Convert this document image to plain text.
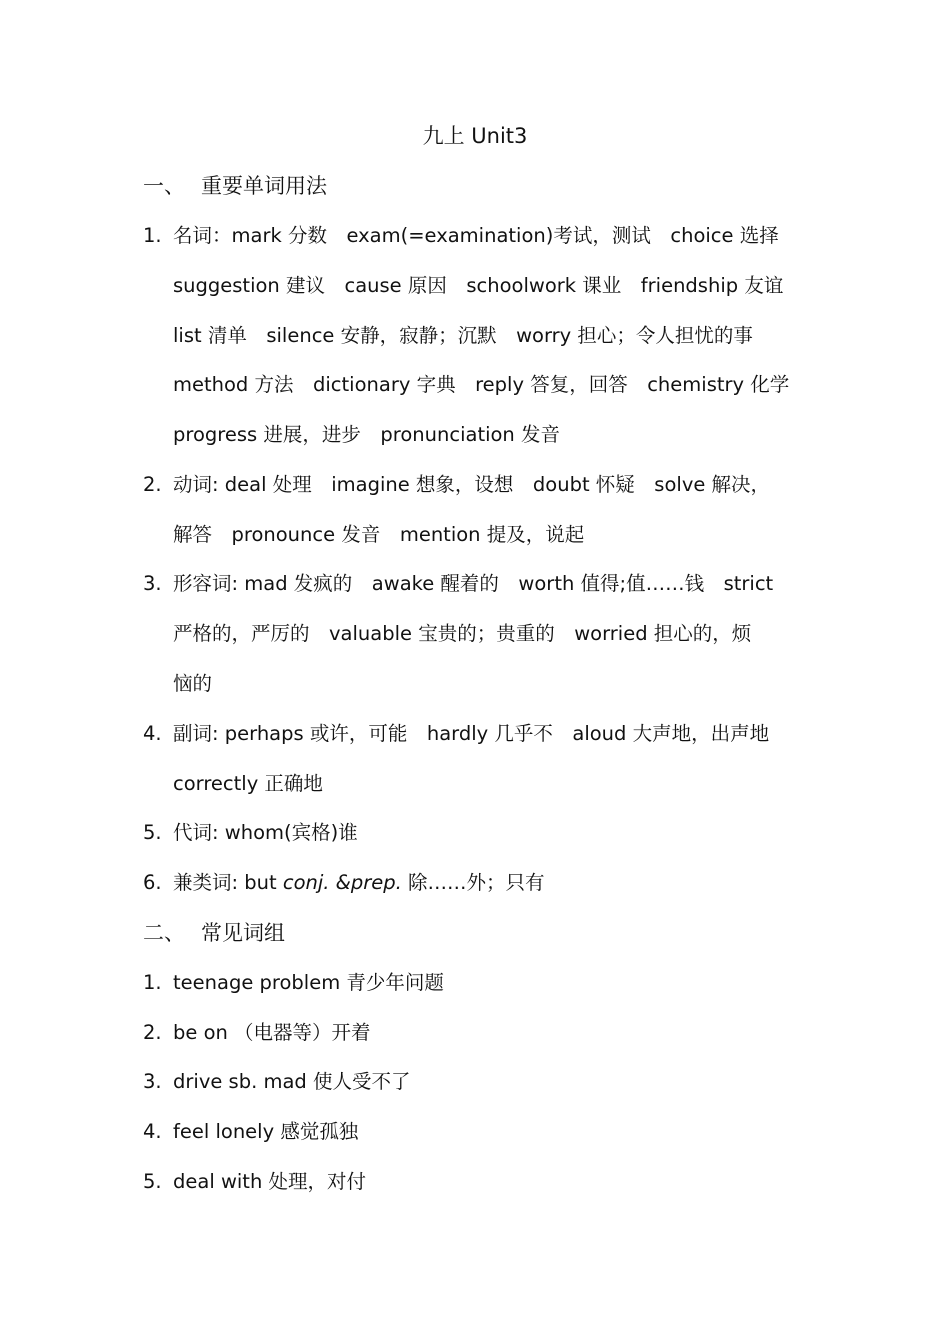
九上 Unit3
一、 重要单词用法
1. 名词：mark 分数　exam(=examination)考试，测试　choice 选择
suggestion 建议　cause 原因　schoolwork 课业　friendship 友谊
list 清单　silence 安静，寂静；沉默　worry 担心；令人担忧的事
method 方法　dictionary 字典　reply 答复，回答　chemistry 化学
progress 进展，进步　pronunciation 发音
2. 动词: deal 处理　imagine 想象，设想　doubt 怀疑　solve 解决，
解答　pronounce 发音　mention 提及，说起
3. 形容词: mad 发疯的　awake 醒着的　worth 值得;值……钱　strict
严格的，严厉的　valuable 宝贵的；贵重的　worried 担心的，烦
恼的
4. 副词: perhaps 或许，可能　hardly 几乎不　aloud 大声地，出声地
correctly 正确地
5. 代词: whom(宾格)谁
6. 兼类词: but conj. &prep. 除……外；只有
二、 常见词组
1. teenage problem 青少年问题
2. be on （电器等）开着
3. drive sb. mad 使人受不了
4. feel lonely 感觉孤独
5. deal with 处理，对付
